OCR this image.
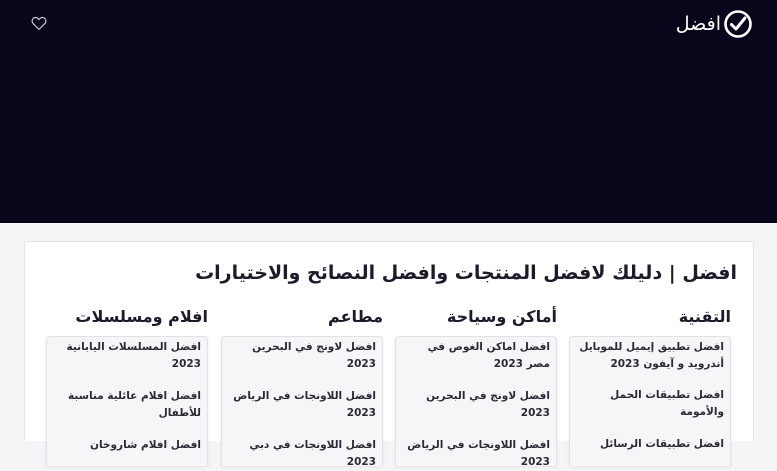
افضل
افضل | دليلك لافضل المنتجات وافضل النصائح والاختيارات
التقنية
افضل تطبيق إيميل للموبايل أندرويد و آيفون 2023
افضل تطبيقات الحمل والأمومة
افضل تطبيقات الرسائل
أماكن وسياحة
افضل اماكن الغوص في مصر 2023
افضل لاونج في البحرين 2023
افضل اللاونجات في الرياض 2023
مطاعم
افضل لاونج في البحرين 2023
افضل اللاونجات في الرياض 2023
افضل اللاونجات في دبي 2023
افلام ومسلسلات
افضل المسلسلات اليابانية 2023
افضل افلام عائلية مناسبة للأطفال
افضل افلام شاروخان
